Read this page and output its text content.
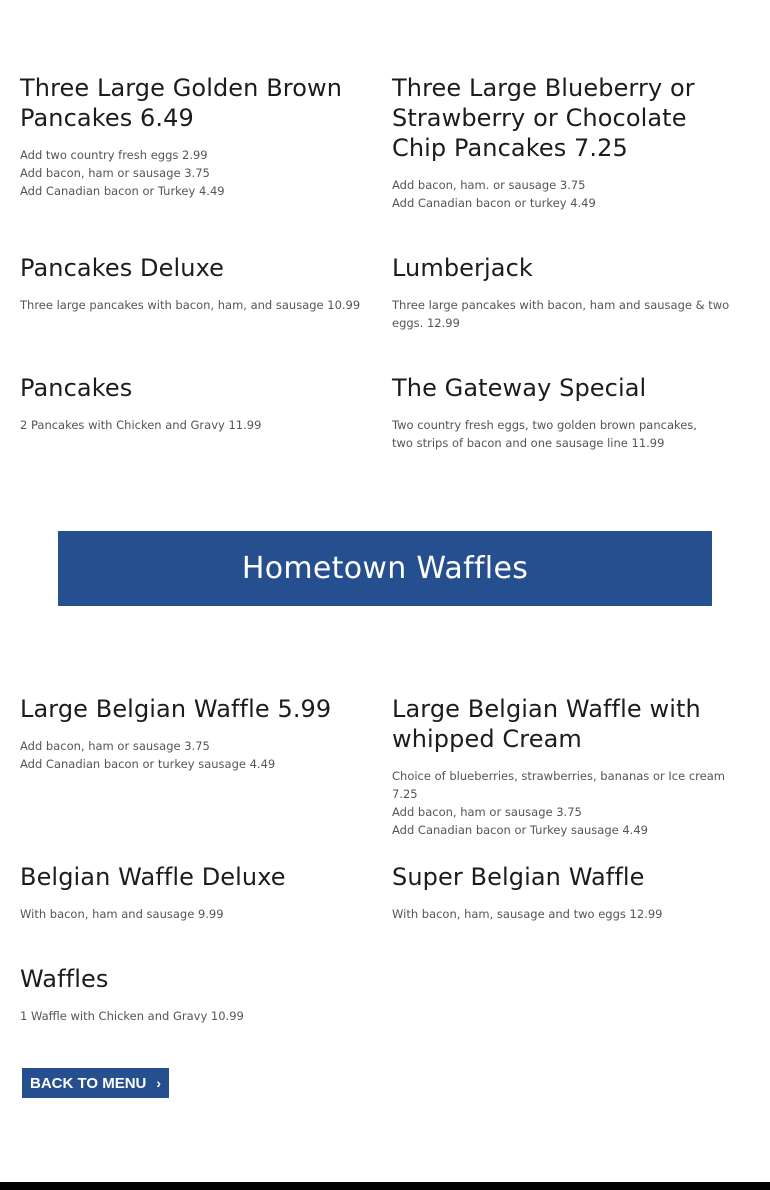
Three Large Golden Brown Pancakes 6.49
Add two country fresh eggs 2.99
Add bacon, ham or sausage 3.75
Add Canadian bacon or Turkey 4.49
Three Large Blueberry or Strawberry or Chocolate Chip Pancakes 7.25
Add bacon, ham. or sausage 3.75
Add Canadian bacon or turkey 4.49
Pancakes Deluxe
Three large pancakes with bacon, ham, and sausage 10.99
Lumberjack
Three large pancakes with bacon, ham and sausage & two eggs. 12.99
Pancakes
2 Pancakes with Chicken and Gravy 11.99
The Gateway Special
Two country fresh eggs, two golden brown pancakes,
two strips of bacon and one sausage line 11.99
Hometown Waffles
Large Belgian Waffle 5.99
Add bacon, ham or sausage 3.75
Add Canadian bacon or turkey sausage 4.49
Large Belgian Waffle with whipped Cream
Choice of blueberries, strawberries, bananas or Ice cream 7.25
Add bacon, ham or sausage 3.75
Add Canadian bacon or Turkey sausage 4.49
Belgian Waffle Deluxe
With bacon, ham and sausage 9.99
Super Belgian Waffle
With bacon, ham, sausage and two eggs 12.99
Waffles
1 Waffle with Chicken and Gravy 10.99
BACK TO MENU ›
